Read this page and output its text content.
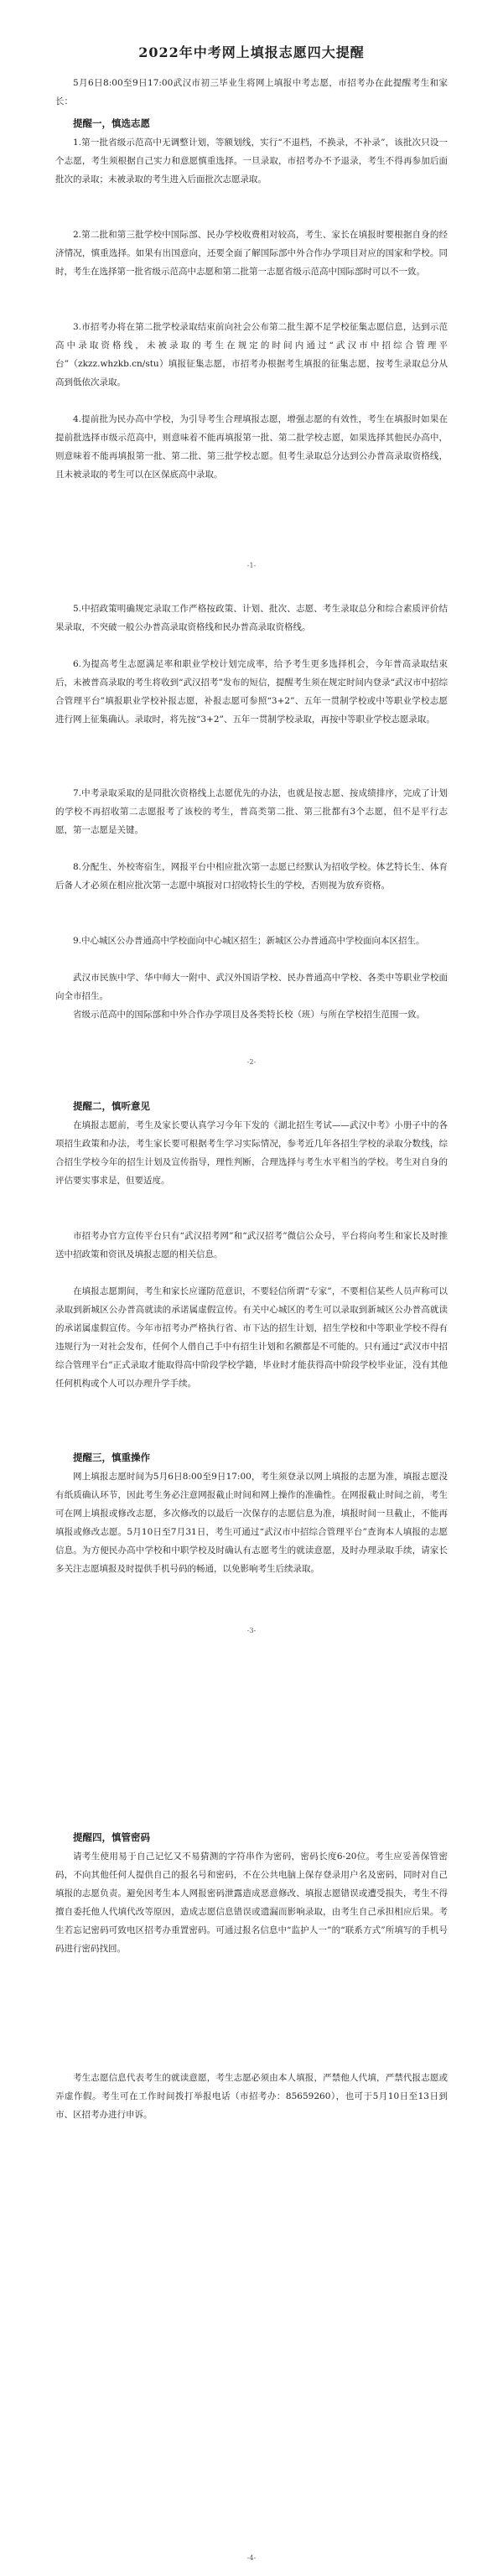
2022年中考网上填报志愿四大提醒

5月6日8:00至9日17:00武汉市初三毕业生将网上填报中考志愿，市招考办在此提醒考生和家长：

提醒一，慎选志愿

1.第一批省级示范高中无调整计划，等额划线，实行“不退档，不换录，不补录”，该批次只设一个志愿，考生须根据自己实力和意愿慎重选择。一旦录取，市招考办不予退录，考生不得再参加后面批次的录取；未被录取的考生进入后面批次志愿录取。

2.第二批和第三批学校中国际部、民办学校收费相对较高，考生、家长在填报时要根据自身的经济情况，慎重选择。如果有出国意向，还要全面了解国际部中外合作办学项目对应的国家和学校。同时，考生在选择第一批省级示范高中志愿和第二批第一志愿省级示范高中国际部时可以不一致。

3.市招考办将在第二批学校录取结束前向社会公布第二批生源不足学校征集志愿信息，达到示范高中录取资格线，未被录取的考生在规定的时间内通过“武汉市中招综合管理平台”（zkzz.whzkb.cn/stu）填报征集志愿，市招考办根据考生填报的征集志愿，按考生录取总分从高到低依次录取。

4.提前批为民办高中学校，为引导考生合理填报志愿，增强志愿的有效性，考生在填报时如果在提前批选择市级示范高中，则意味着不能再填报第一批、第二批学校志愿，如果选择其他民办高中，则意味着不能再填报第一批、第二批、第三批学校志愿。但考生录取总分达到公办普高录取资格线，且未被录取的考生可以在区保底高中录取。

-1-

5.中招政策明确规定录取工作严格按政策、计划、批次、志愿、考生录取总分和综合素质评价结果录取，不突破一般公办普高录取资格线和民办普高录取资格线。

6.为提高考生志愿满足率和职业学校计划完成率，给予考生更多选择机会，今年普高录取结束后，未被普高录取的考生将收到“武汉招考”发布的短信，提醒考生须在规定时间内登录“武汉市中招综合管理平台”填报职业学校补报志愿，补报志愿可参照“3+2”、五年一贯制学校或中等职业学校志愿进行网上征集确认。录取时，将先按“3+2”、五年一贯制学校录取，再按中等职业学校志愿录取。

7.中考录取采取的是同批次资格线上志愿优先的办法，也就是按志愿、按成绩排序，完成了计划的学校不再招收第二志愿报考了该校的考生，普高类第二批、第三批都有3个志愿，但不是平行志愿，第一志愿是关键。

8.分配生、外校寄宿生，网报平台中相应批次第一志愿已经默认为招收学校。体艺特长生、体育后备人才必须在相应批次第一志愿中填报对口招收特长生的学校，否则视为放弃资格。

9.中心城区公办普通高中学校面向中心城区招生；新城区公办普通高中学校面向本区招生。

武汉市民族中学、华中师大一附中、武汉外国语学校、民办普通高中学校、各类中等职业学校面向全市招生。

省级示范高中的国际部和中外合作办学项目及各类特长校（班）与所在学校招生范围一致。

-2-
提醒二，慎听意见

在填报志愿前，考生及家长要认真学习今年下发的《湖北招生考试——武汉中考》小册子中的各项招生政策和办法，考生家长要可根据考生学习实际情况，参考近几年各招生学校的录取分数线，综合招生学校今年的招生计划及宣传指导，理性判断，合理选择与考生水平相当的学校。考生对自身的评估要实事求是，但要适度。

市招考办官方宣传平台只有“武汉招考网”和“武汉招考”微信公众号，平台将向考生和家长及时推送中招政策和资讯及填报志愿的相关信息。

在填报志愿期间，考生和家长应谨防范意识，不要轻信所谓“专家”，不要相信某些人员声称可以录取到新城区公办普高就读的承诺属虚假宣传。有关中心城区的考生可以录取到新城区公办普高就读的承诺属虚假宣传。今年市招考办严格执行省、市下达的招生计划，招生学校和中等职业学校不得有违规行为一对社会发布，任何个人借自己手中有招生计划和名额都是不可能的。只有通过“武汉市中招综合管理平台”正式录取才能取得高中阶段学校学籍，毕业时才能获得高中阶段学校毕业证，没有其他任何机构或个人可以办理升学手续。

提醒三，慎重操作

网上填报志愿时间为5月6日8:00至9日17:00，考生须登录以网上填报的志愿为准，填报志愿没有纸质确认环节，因此考生务必注意网报截止时间和网上操作的准确性。在网报截止时间之前，考生可在网上填报或修改志愿，多次修改的以最后一次保存的志愿信息为准，填报时间一旦截止，不能再填报或修改志愿。5月10日至7月31日，考生可通过“武汉市中招综合管理平台”查询本人填报的志愿信息。为方便民办高中学校和中职学校及时确认有志愿考生的就读意愿，及时办理录取手续，请家长多关注志愿填报及时提供手机号码的畅通，以免影响考生后续录取。

-3-
提醒四，慎管密码

请考生使用易于自己记忆又不易猜测的字符串作为密码，密码长度6-20位。考生应妥善保管密码，不向其他任何人提供自己的报名号和密码，不在公共电脑上保存登录用户名及密码，同时对自己填报的志愿负责。避免因考生本人网报密码泄露造成恶意修改、填报志愿错误或遭受损失，考生不得擅自委托他人代填代改等原因，造成志愿信息错误或遗漏而影响录取，由考生自己承担相应后果。考生若忘记密码可致电区招考办重置密码。可通过报名信息中“监护人一”的“联系方式”所填写的手机号码进行密码找回。

考生志愿信息代表考生的就读意愿，考生志愿必须由本人填报，严禁他人代填，严禁代报志愿或弄虚作假。考生可在工作时间拨打举报电话（市招考办：85659260），也可于5月10日至13日到市、区招考办进行申诉。

-4-
